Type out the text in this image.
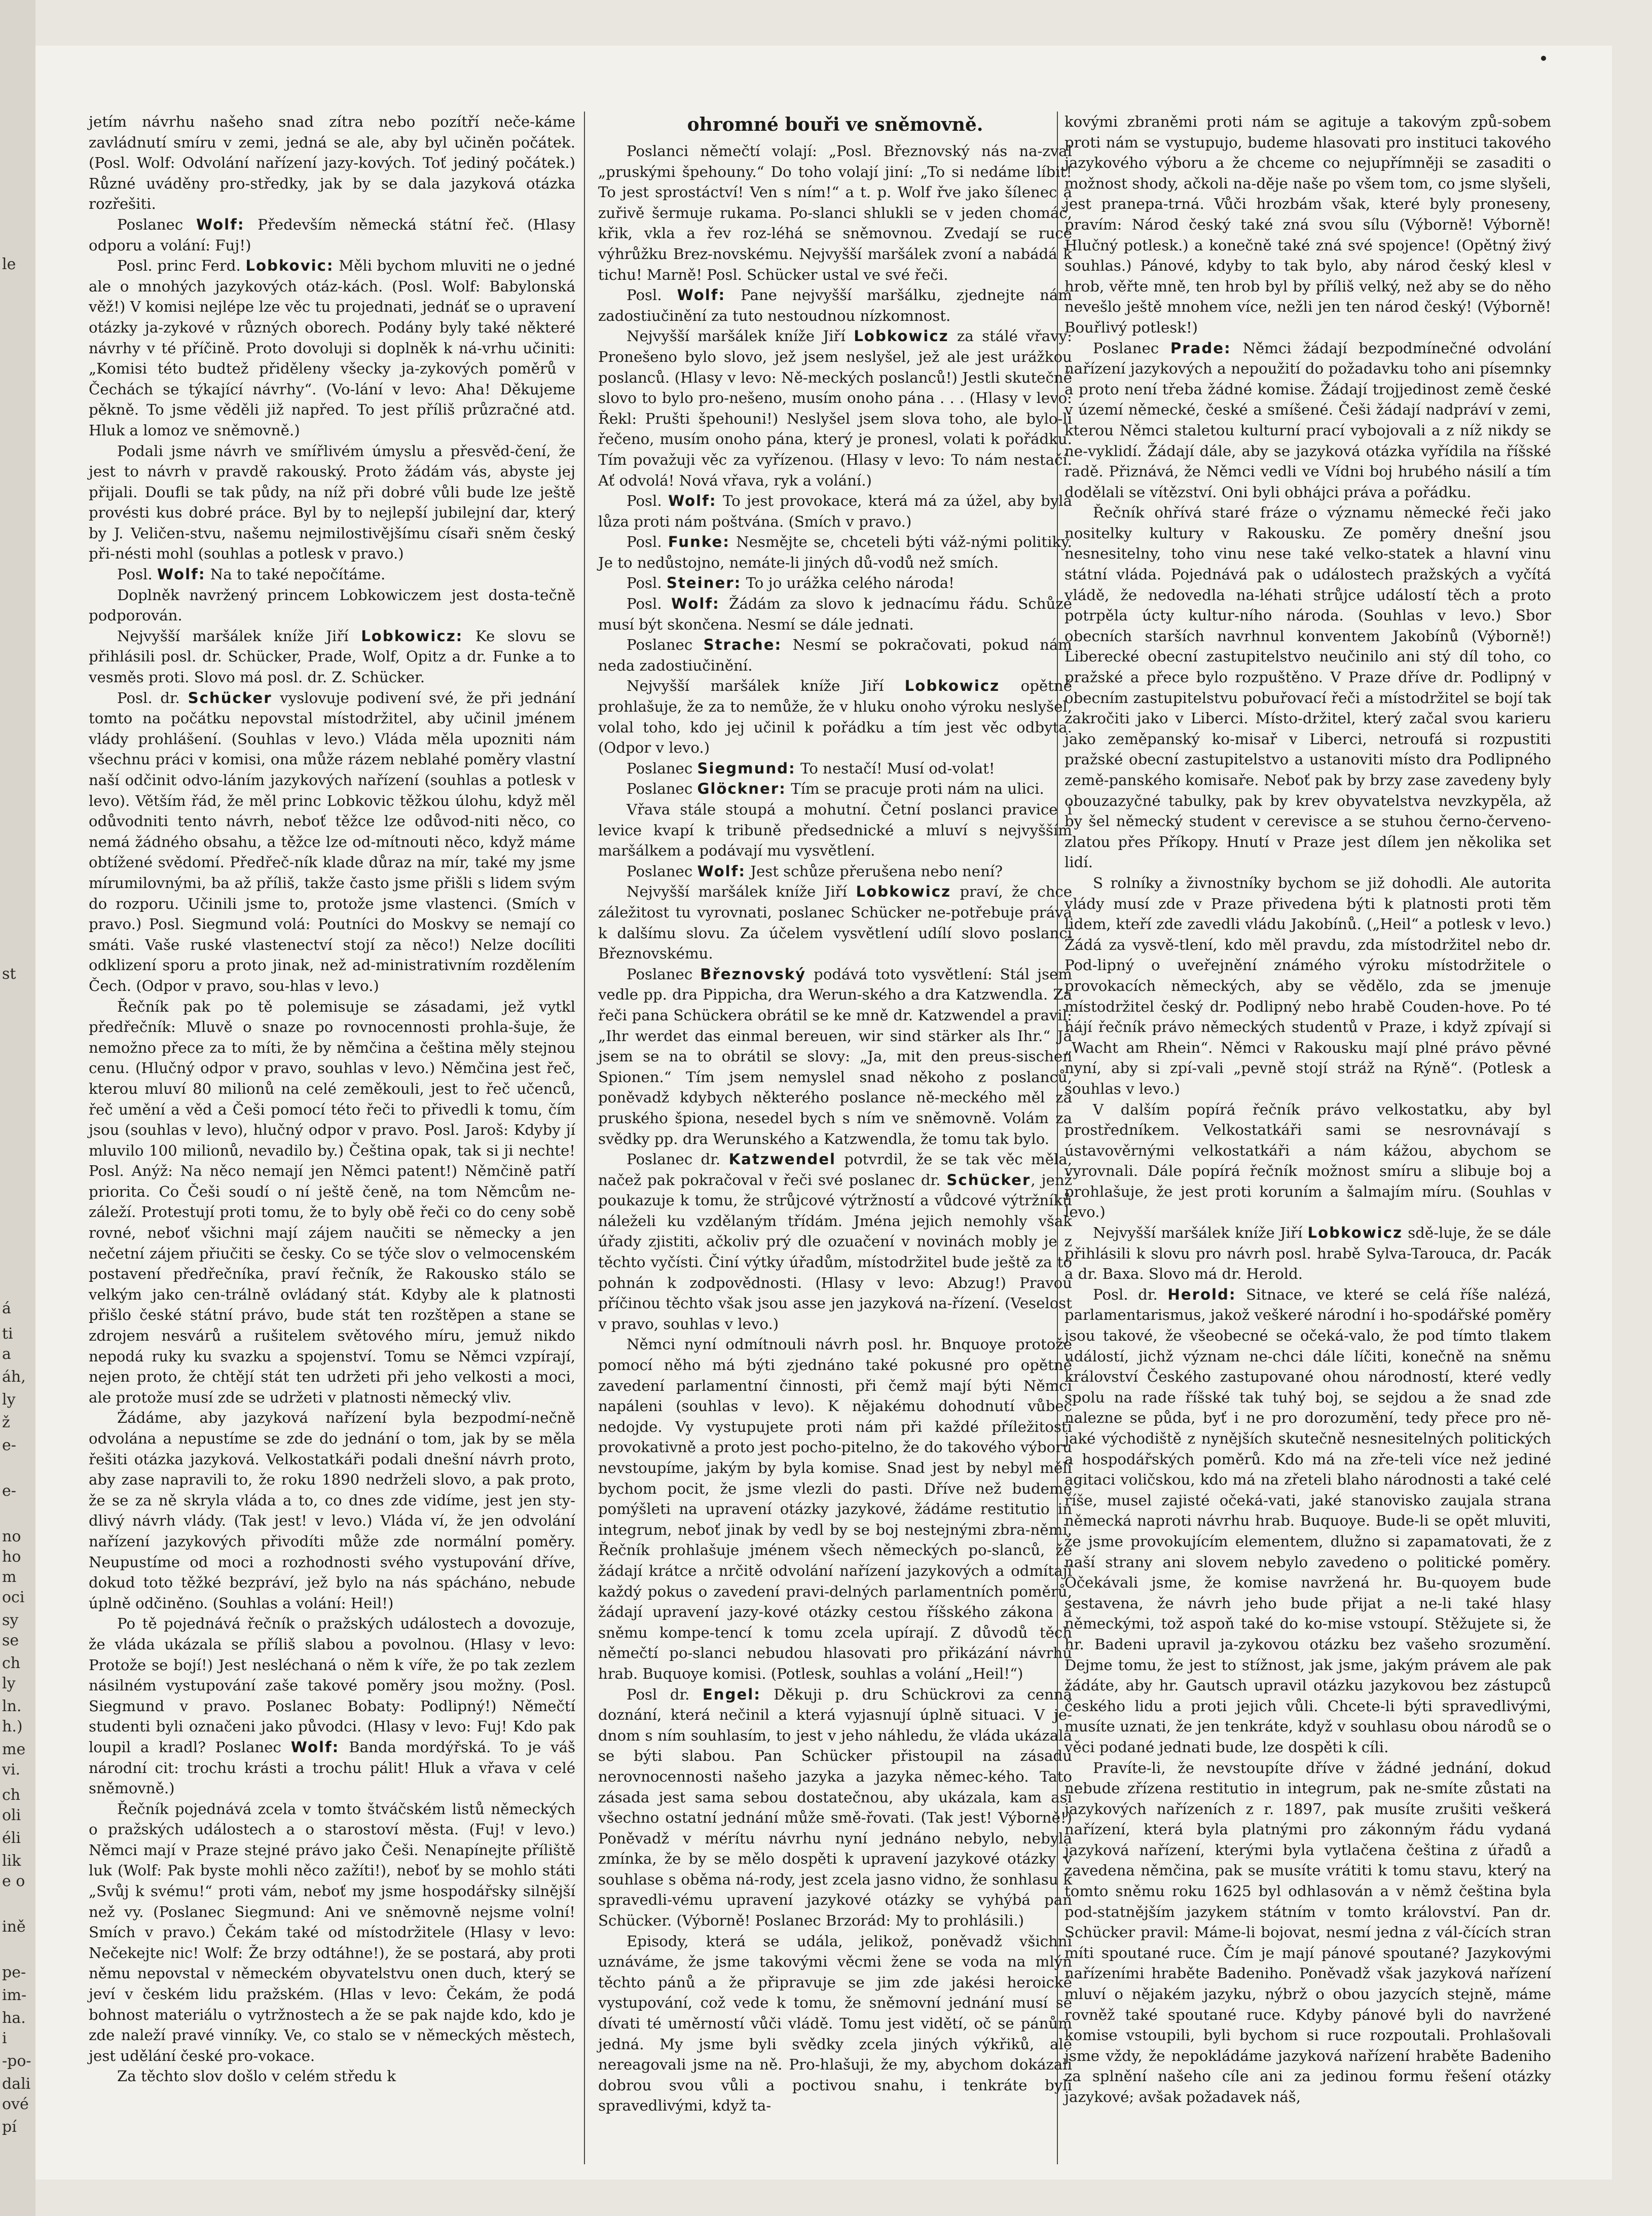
le
st
á
ti
a
áh,
ly
ž
e-
e-
no
ho
m
oci
sy
se
ch
ly
ln.
h.)
me
vi.
ch
oli
éli
lik
e o
ině
pe-
im-
ha.
i
-po-
dali
ové
pí

jetím návrhu našeho snad zítra nebo pozítří neče-káme zavládnutí smíru v zemi, jedná se ale, aby byl učiněn počátek. (Posl. Wolf: Odvolání nařízení jazy-kových. Toť jediný počátek.) Různé uváděny pro-středky, jak by se dala jazyková otázka rozřešiti.

Poslanec Wolf: Především německá státní řeč. (Hlasy odporu a volání: Fuj!)

Posl. princ Ferd. Lobkovic: Měli bychom mluviti ne o jedné ale o mnohých jazykových otáz-kách. (Posl. Wolf: Babylonská věž!) V komisi nejlépe lze věc tu projednati, jednáť se o upravení otázky ja-zykové v různých oborech. Podány byly také některé návrhy v té příčině. Proto dovoluji si doplněk k ná-vrhu učiniti: „Komisi této budtež přiděleny všecky ja-zykových poměrů v Čechách se týkající návrhy“. (Vo-lání v levo: Aha! Děkujeme pěkně. To jsme věděli již napřed. To jest příliš průzračné atd. Hluk a lomoz ve sněmovně.)

Podali jsme návrh ve smířlivém úmyslu a přesvěd-čení, že jest to návrh v pravdě rakouský. Proto žádám vás, abyste jej přijali. Doufli se tak půdy, na níž při dobré vůli bude lze ještě provésti kus dobré práce. Byl by to nejlepší jubilejní dar, který by J. Veličen-stvu, našemu nejmilostivějšímu císaři sněm český při-nésti mohl (souhlas a potlesk v pravo.)

Posl. Wolf: Na to také nepočítáme.

Doplněk navržený princem Lobkowiczem jest dosta-tečně podporován.

Nejvyšší maršálek kníže Jiří Lobkowicz: Ke slovu se přihlásili posl. dr. Schücker, Prade, Wolf, Opitz a dr. Funke a to vesměs proti. Slovo má posl. dr. Z. Schücker.

Posl. dr. Schücker vyslovuje podivení své, že při jednání tomto na počátku nepovstal místodržitel, aby učinil jménem vlády prohlášení. (Souhlas v levo.) Vláda měla upozniti nám všechnu práci v komisi, ona může rázem neblahé poměry vlastní naší odčinit odvo-láním jazykových nařízení (souhlas a potlesk v levo). Větším řád, že měl princ Lobkovic těžkou úlohu, když měl odůvodniti tento návrh, neboť těžce lze odůvod-niti něco, co nemá žádného obsahu, a těžce lze od-mítnouti něco, když máme obtížené svědomí. Předřeč-ník klade důraz na mír, také my jsme mírumilovnými, ba až příliš, takže často jsme přišli s lidem svým do rozporu. Učinili jsme to, protože jsme vlastenci. (Smích v pravo.) Posl. Siegmund volá: Poutníci do Moskvy se nemají co smáti. Vaše ruské vlastenectví stojí za něco!) Nelze docíliti odklizení sporu a proto jinak, než ad-ministrativním rozdělením Čech. (Odpor v pravo, sou-hlas v levo.)

Řečník pak po tě polemisuje se zásadami, jež vytkl předřečník: Mluvě o snaze po rovnocennosti prohla-šuje, že nemožno přece za to míti, že by němčina a čeština měly stejnou cenu. (Hlučný odpor v pravo, souhlas v levo.) Němčina jest řeč, kterou mluví 80 milionů na celé zeměkouli, jest to řeč učenců, řeč umění a věd a Češi pomocí této řeči to přivedli k tomu, čím jsou (souhlas v levo), hlučný odpor v pravo. Posl. Jaroš: Kdyby jí mluvilo 100 milionů, nevadilo by.) Čeština opak, tak si ji nechte! Posl. Anýž: Na něco nemají jen Němci patent!) Němčině patří priorita. Co Češi soudí o ní ještě čeně, na tom Němcům ne-záleží. Protestují proti tomu, že to byly obě řeči co do ceny sobě rovné, neboť všichni mají zájem naučiti se německy a jen nečetní zájem přiučiti se česky. Co se týče slov o velmocenském postavení předřečníka, praví řečník, že Rakousko stálo se velkým jako cen-trálně ovládaný stát. Kdyby ale k platnosti přišlo české státní právo, bude stát ten rozštěpen a stane se zdrojem nesvárů a rušitelem světového míru, jemuž nikdo nepodá ruky ku svazku a spojenství. Tomu se Němci vzpírají, nejen proto, že chtějí stát ten udržeti při jeho velkosti a moci, ale protože musí zde se udržeti v platnosti německý vliv.

Žádáme, aby jazyková nařízení byla bezpodmí-nečně odvolána a nepustíme se zde do jednání o tom, jak by se měla řešiti otázka jazyková. Velkostatkáři podali dnešní návrh proto, aby zase napravili to, že roku 1890 nedrželi slovo, a pak proto, že se za ně skryla vláda a to, co dnes zde vidíme, jest jen sty-dlivý návrh vlády. (Tak jest! v levo.) Vláda ví, že jen odvolání nařízení jazykových přivodíti může zde normální poměry. Neupustíme od moci a rozhodnosti svého vystupování dříve, dokud toto těžké bezpráví, jež bylo na nás spácháno, nebude úplně odčiněno. (Souhlas a volání: Heil!)

Po tě pojednává řečník o pražských událostech a dovozuje, že vláda ukázala se příliš slabou a povolnou. (Hlasy v levo: Protože se bojí!) Jest nesléchaná o něm k víře, že po tak zezlem násilném vystupování zaše takové poměry jsou možny. (Posl. Siegmund v pravo. Poslanec Bobaty: Podlipný!) Němečtí studenti byli označeni jako původci. (Hlasy v levo: Fuj! Kdo pak loupil a kradl? Poslanec Wolf: Banda mordýřská. To je váš národní cit: trochu krásti a trochu pálit! Hluk a vřava v celé sněmovně.)

Řečník pojednává zcela v tomto štváčském listů německých o pražských událostech a o starostoví města. (Fuj! v levo.) Němci mají v Praze stejné právo jako Češi. Nenapínejte příliště luk (Wolf: Pak byste mohli něco zažíti!), neboť by se mohlo státi „Svůj k svému!“ proti vám, neboť my jsme hospodářsky silnější než vy. (Poslanec Siegmund: Ani ve sněmovně nejsme volní! Smích v pravo.) Čekám také od místodržitele (Hlasy v levo: Nečekejte nic! Wolf: Že brzy odtáhne!), že se postará, aby proti němu nepovstal v německém obyvatelstvu onen duch, který se jeví v českém lidu pražském. (Hlas v levo: Čekám, že podá bohnost materiálu o vytržnostech a že se pak najde kdo, kdo je zde naleží pravé vinníky. Ve, co stalo se v německých městech, jest udělání české pro-vokace.

Za těchto slov došlo v celém středu k

ohromné bouři ve sněmovně.

Poslanci němečtí volají: „Posl. Březnovský nás na-zval „pruskými špehouny.“ Do toho volají jiní: „To si nedáme líbit! To jest sprostáctví! Ven s ním!“ a t. p. Wolf řve jako šílenec a zuřivě šermuje rukama. Po-slanci shlukli se v jeden chomáč, křik, vkla a řev roz-léhá se sněmovnou. Zvedají se ruce výhrůžku Brez-novskému. Nejvyšší maršálek zvoní a nabádá k tichu! Marně! Posl. Schücker ustal ve své řeči.

Posl. Wolf: Pane nejvyšší maršálku, zjednejte nám zadostiučinění za tuto nestoudnou nízkomnost.

Nejvyšší maršálek kníže Jiří Lobkowicz za stálé vřavy: Pronešeno bylo slovo, jež jsem neslyšel, jež ale jest urážkou poslanců. (Hlasy v levo: Ně-meckých poslanců!) Jestli skutečně slovo to bylo pro-nešeno, musím onoho pána . . . (Hlasy v levo: Řekl: Prušti špehouni!) Neslyšel jsem slova toho, ale bylo-li řečeno, musím onoho pána, který je pronesl, volati k pořádku. Tím považuji věc za vyřízenou. (Hlasy v levo: To nám nestačí. Ať odvolá! Nová vřava, ryk a volání.)

Posl. Wolf: To jest provokace, která má za úžel, aby byla lůza proti nám poštvána. (Smích v pravo.)

Posl. Funke: Nesmějte se, chceteli býti váž-nými politiky. Je to nedůstojno, nemáte-li jiných dů-vodů než smích.

Posl. Steiner: To jo urážka celého národa!

Posl. Wolf: Žádám za slovo k jednacímu řádu. Schůze musí být skončena. Nesmí se dále jednati.

Poslanec Strache: Nesmí se pokračovati, pokud nám neda zadostiučinění.

Nejvyšší maršálek kníže Jiří Lobkowicz opětně prohlašuje, že za to nemůže, že v hluku onoho výroku neslyšel, volal toho, kdo jej učinil k pořádku a tím jest věc odbyta. (Odpor v levo.)

Poslanec Siegmund: To nestačí! Musí od-volat!

Poslanec Glöckner: Tím se pracuje proti nám na ulici.

Vřava stále stoupá a mohutní. Četní poslanci pravice i levice kvapí k tribuně předsednické a mluví s nejvyšším maršálkem a podávají mu vysvětlení.

Poslanec Wolf: Jest schůze přerušena nebo není?

Nejvyšší maršálek kníže Jiří Lobkowicz praví, že chce záležitost tu vyrovnati, poslanec Schücker ne-potřebuje práva k dalšímu slovu. Za účelem vysvětlení udílí slovo poslanci Březnovskému.

Poslanec Březnovský podává toto vysvětlení: Stál jsem vedle pp. dra Pippicha, dra Werun-ského a dra Katzwendla. Za řeči pana Schückera obrátil se ke mně dr. Katzwendel a pravil: „Ihr werdet das einmal bereuen, wir sind stärker als Ihr.“ Já jsem se na to obrátil se slovy: „Ja, mit den preus-sischen Spionen.“ Tím jsem nemyslel snad někoho z poslanců, poněvadž kdybych některého poslance ně-meckého měl za pruského špiona, nesedel bych s ním ve sněmovně. Volám za svědky pp. dra Werunského a Katzwendla, že tomu tak bylo.

Poslanec dr. Katzwendel potvrdil, že se tak věc měla, načež pak pokračoval v řeči své poslanec dr. Schücker, jenž poukazuje k tomu, že strůjcové výtržností a vůdcové výtržníků náleželi ku vzdělaným třídám. Jména jejich nemohly však úřady zjistiti, ačkoliv prý dle ozuačení v novinách mobly je z těchto vyčísti. Činí výtky úřadům, místodržitel bude ještě za to pohnán k zodpovědnosti. (Hlasy v levo: Abzug!) Pravou příčinou těchto však jsou asse jen jazyková na-řízení. (Veselost v pravo, souhlas v levo.)

Němci nyní odmítnouli návrh posl. hr. Bnquoye protože pomocí něho má býti zjednáno také pokusné pro opětné zavedení parlamentní činnosti, při čemž mají býti Němci napáleni (souhlas v levo). K nějakému dohodnutí vůbec nedojde. Vy vystupujete proti nám při každé příležitosti provokativně a proto jest pocho-pitelno, že do takového výboru nevstoupíme, jakým by byla komise. Snad jest by nebyl měli bychom pocit, že jsme vlezli do pasti. Dříve než budeme pomýšleti na upravení otázky jazykové, žádáme restitutio in integrum, neboť jinak by vedl by se boj nestejnými zbra-němi. Řečník prohlašuje jménem všech německých po-slanců, že žádají krátce a nrčitě odvolání nařízení jazykových a odmítají každý pokus o zavedení pravi-delných parlamentních poměrů, žádají upravení jazy-kové otázky cestou říšského zákona a sněmu kompe-tencí k tomu zcela upírají. Z důvodů těch němečtí po-slanci nebudou hlasovati pro přikázání návrhu hrab. Buquoye komisi. (Potlesk, souhlas a volání „Heil!“)

Posl dr. Engel: Děkuji p. dru Schückrovi za cenná doznání, která nečinil a která vyjasnují úplně situaci. V je-dnom s ním souhlasím, to jest v jeho náhledu, že vláda ukázala se býti slabou. Pan Schücker přistoupil na zásadu nerovnocennosti našeho jazyka a jazyka němec-kého. Tato zásada jest sama sebou dostatečnou, aby ukázala, kam asi všechno ostatní jednání může smě-řovati. (Tak jest! Výborně!) Poněvadž v mérítu návrhu nyní jednáno nebylo, nebyla zmínka, že by se mělo dospěti k upravení jazykové otázky v souhlase s oběma ná-rody, jest zcela jasno vidno, že sonhlasu k spravedli-vému upravení jazykové otázky se vyhýbá pan Schücker. (Výborně! Poslanec Brzorád: My to prohlásili.)

Episody, která se udála, jelikož, poněvadž všichni uznáváme, že jsme takovými věcmi žene se voda na mlýn těchto pánů a že připravuje se jim zde jakési heroické vystupování, což vede k tomu, že sněmovní jednání musí se dívati té uměrností vůči vládě. Tomu jest vidětí, oč se pánům jedná. My jsme byli svědky zcela jiných výkřiků, ale nereagovali jsme na ně. Pro-hlašuji, že my, abychom dokázali dobrou svou vůli a poctivou snahu, i tenkráte byli spravedlivými, když ta-

kovými zbraněmi proti nám se agituje a takovým způ-sobem proti nám se vystupujo, budeme hlasovati pro instituci takového jazykového výboru a že chceme co nejupřímněji se zasaditi o možnost shody, ačkoli na-děje naše po všem tom, co jsme slyšeli, jest pranepa-trná. Vůči hrozbám však, které byly proneseny, pravím: Národ český také zná svou sílu (Výborně! Výborně! Hlučný potlesk.) a konečně také zná své spojence! (Opětný živý souhlas.) Pánové, kdyby to tak bylo, aby národ český klesl v hrob, věřte mně, ten hrob byl by příliš velký, než aby se do něho nevešlo ještě mnohem více, nežli jen ten národ český! (Výborně! Bouřlivý potlesk!)

Poslanec Prade: Němci žádají bezpodmínečné odvolání nařízení jazykových a nepoužití do požadavku toho ani písemnky a proto není třeba žádné komise. Žádají trojjedinost země české v území německé, české a smíšené. Češi žádají nadpráví v zemi, kterou Němci staletou kulturní prací vybojovali a z níž nikdy se ne-vyklidí. Žádají dále, aby se jazyková otázka vyřídila na říšské radě. Přiznává, že Němci vedli ve Vídni boj hrubého násilí a tím dodělali se vítězství. Oni byli obhájci práva a pořádku.

Řečník ohřívá staré fráze o významu německé řeči jako nositelky kultury v Rakousku. Ze poměry dnešní jsou nesnesitelny, toho vinu nese také velko-statek a hlavní vinu státní vláda. Pojednává pak o událostech pražských a vyčítá vládě, že nedovedla na-léhati strůjce událostí těch a proto potrpěla úcty kultur-ního národa. (Souhlas v levo.) Sbor obecních starších navrhnul konventem Jakobínů (Výborně!) Liberecké obecní zastupitelstvo neučinilo ani stý díl toho, co pražské a přece bylo rozpuštěno. V Praze dříve dr. Podlipný v obecním zastupitelstvu pobuřovací řeči a místodržitel se bojí tak zakročiti jako v Liberci. Místo-držitel, který začal svou karieru jako zeměpanský ko-misař v Liberci, netroufá si rozpustiti pražské obecní zastupitelstvo a ustanoviti místo dra Podlipného země-panského komisaře. Neboť pak by brzy zase zavedeny byly obouzazyčné tabulky, pak by krev obyvatelstva nevzkypěla, až by šel německý student v cerevisce a se stuhou černo-červeno-zlatou přes Příkopy. Hnutí v Praze jest dílem jen několika set lidí.

S rolníky a živnostníky bychom se již dohodli. Ale autorita vlády musí zde v Praze přivedena býti k platnosti proti těm lidem, kteří zde zavedli vládu Jakobínů. („Heil“ a potlesk v levo.) Žádá za vysvě-tlení, kdo měl pravdu, zda místodržitel nebo dr. Pod-lipný o uveřejnění známého výroku místodržitele o provokacích německých, aby se vědělo, zda se jmenuje místodržitel český dr. Podlipný nebo hrabě Couden-hove. Po té hájí řečník právo německých studentů v Praze, i když zpívají si „Wacht am Rhein“. Němci v Rakousku mají plné právo pěvné nyní, aby si zpí-vali „pevně stojí stráž na Rýně“. (Potlesk a souhlas v levo.)

V dalším popírá řečník právo velkostatku, aby byl prostředníkem. Velkostatkáři sami se nesrovnávají s ústavověrnými velkostatkáři a nám kážou, abychom se vyrovnali. Dále popírá řečník možnost smíru a slibuje boj a prohlašuje, že jest proti koruním a šalmajím míru. (Souhlas v levo.)

Nejvyšší maršálek kníže Jiří Lobkowicz sdě-luje, že se dále přihlásili k slovu pro návrh posl. hrabě Sylva-Tarouca, dr. Pacák a dr. Baxa. Slovo má dr. Herold.

Posl. dr. Herold: Sitnace, ve které se celá říše nalézá, parlamentarismus, jakož veškeré národní i ho-spodářské poměry jsou takové, že všeobecné se očeká-valo, že pod tímto tlakem událostí, jichž význam ne-chci dále líčiti, konečně na sněmu království Českého zastupované ohou národností, které vedly spolu na rade říšské tak tuhý boj, se sejdou a že snad zde nalezne se půda, byť i ne pro dorozumění, tedy přece pro ně-jaké východiště z nynějších skutečně nesnesitelných politických a hospodářských poměrů. Kdo má na zře-teli více než jediné agitaci voličskou, kdo má na zřeteli blaho národnosti a také celé říše, musel zajisté očeká-vati, jaké stanovisko zaujala strana německá naproti návrhu hrab. Buquoye. Bude-li se opět mluviti, že jsme provokujícím elementem, dlužno si zapamatovati, že z naší strany ani slovem nebylo zavedeno o politické poměry. Očekávali jsme, že komise navržená hr. Bu-quoyem bude sestavena, že návrh jeho bude přijat a ne-li také hlasy německými, tož aspoň také do ko-mise vstoupí. Stěžujete si, že hr. Badeni upravil ja-zykovou otázku bez vašeho srozumění. Dejme tomu, že jest to stížnost, jak jsme, jakým právem ale pak žádáte, aby hr. Gautsch upravil otázku jazykovou bez zástupců českého lidu a proti jejich vůli. Chcete-li býti spravedlivými, musíte uznati, že jen tenkráte, když v souhlasu obou národů se o věci podané jednati bude, lze dospěti k cíli.

Pravíte-li, že nevstoupíte dříve v žádné jednání, dokud nebude zřízena restitutio in integrum, pak ne-smíte zůstati na jazykových nařízeních z r. 1897, pak musíte zrušiti veškerá nařízení, která byla platnými pro zákonným řádu vydaná jazyková nařízení, kterými byla vytlačena čeština z úřadů a zavedena němčina, pak se musíte vrátiti k tomu stavu, který na tomto sněmu roku 1625 byl odhlasován a v němž čeština byla pod-statnějším jazykem státním v tomto království. Pan dr. Schücker pravil: Máme-li bojovat, nesmí jedna z vál-čících stran míti spoutané ruce. Čím je mají pánové spoutané? Jazykovými nařízeními hraběte Badeniho. Poněvadž však jazyková nařízení mluví o nějakém jazyku, nýbrž o obou jazycích stejně, máme rovněž také spoutané ruce. Kdyby pánové byli do navržené komise vstoupili, byli bychom si ruce rozpoutali. Prohlašovali jsme vždy, že nepokládáme jazyková nařízení hraběte Badeniho za splnění našeho cíle ani za jedinou formu řešení otázky jazykové; avšak požadavek náš,
